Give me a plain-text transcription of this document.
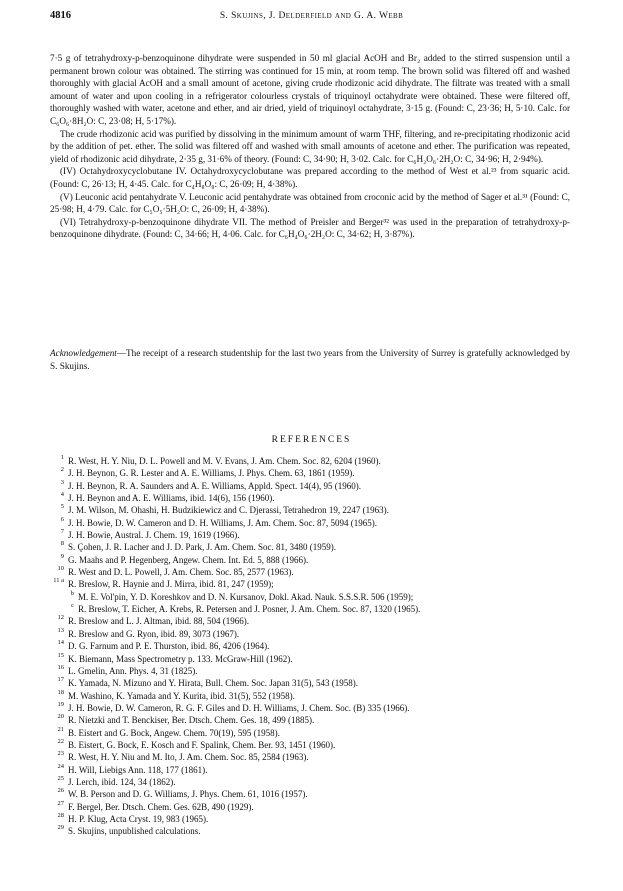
4816	S. Skujins, J. Delderfield and G. A. Webb

7·5 g of tetrahydroxy-p-benzoquinone dihydrate were suspended in 50 ml glacial AcOH and Br₂ added to the stirred suspension until a permanent brown colour was obtained. The stirring was continued for 15 min, at room temp. The brown solid was filtered off and washed thoroughly with glacial AcOH and a small amount of acetone, giving crude rhodizonic acid dihydrate. The filtrate was treated with a small amount of water and upon cooling in a refrigerator colourless crystals of triquinoyl octahydrate were obtained. These were filtered off, thoroughly washed with water, acetone and ether, and air dried, yield of triquinoyl octahydrate, 3·15 g. (Found: C, 23·36; H, 5·10. Calc. for C₆O₆·8H₂O: C, 23·08; H, 5·17%).

The crude rhodizonic acid was purified by dissolving in the minimum amount of warm THF, filtering, and re-precipitating rhodizonic acid by the addition of pet. ether. The solid was filtered off and washed with small amounts of acetone and ether. The purification was repeated, yield of rhodizonic acid dihydrate, 2·35 g, 31·6% of theory. (Found: C, 34·90; H, 3·02. Calc. for C₆H₂O₆·2H₂O: C, 34·96; H, 2·94%).

(IV) Octahydroxycyclobutane IV. Octahydroxycyclobutane was prepared according to the method of West et al.²³ from squaric acid. (Found: C, 26·13; H, 4·45. Calc. for C₄H₈O₈: C, 26·09; H, 4·38%).

(V) Leuconic acid pentahydrate V. Leuconic acid pentahydrate was obtained from croconic acid by the method of Sager et al.³¹ (Found: C, 25·98; H, 4·79. Calc. for C₅O₅·5H₂O: C, 26·09; H, 4·38%).

(VI) Tetrahydroxy-p-benzoquinone dihydrate VII. The method of Preisler and Berger³² was used in the preparation of tetrahydroxy-p-benzoquinone dihydrate. (Found: C, 34·66; H, 4·06. Calc. for C₆H₄O₆·2H₂O: C, 34·62; H, 3·87%).

Acknowledgement—The receipt of a research studentship for the last two years from the University of Surrey is gratefully acknowledged by S. Skujins.
REFERENCES
1 R. West, H. Y. Niu, D. L. Powell and M. V. Evans, J. Am. Chem. Soc. 82, 6204 (1960).
2 J. H. Beynon, G. R. Lester and A. E. Williams, J. Phys. Chem. 63, 1861 (1959).
3 J. H. Beynon, R. A. Saunders and A. E. Williams, Appld. Spect. 14(4), 95 (1960).
4 J. H. Beynon and A. E. Williams, ibid. 14(6), 156 (1960).
5 J. M. Wilson, M. Ohashi, H. Budzikiewicz and C. Djerassi, Tetrahedron 19, 2247 (1963).
6 J. H. Bowie, D. W. Cameron and D. H. Williams, J. Am. Chem. Soc. 87, 5094 (1965).
7 J. H. Bowie, Austral. J. Chem. 19, 1619 (1966).
8 S. Çohen, J. R. Lacher and J. D. Park, J. Am. Chem. Soc. 81, 3480 (1959).
9 G. Maahs and P. Hegenberg, Angew. Chem. Int. Ed. 5, 888 (1966).
10 R. West and D. L. Powell, J. Am. Chem. Soc. 85, 2577 (1963).
11 a R. Breslow, R. Haynie and J. Mirra, ibid. 81, 247 (1959);
b M. E. Vol'pin, Y. D. Koreshkov and D. N. Kursanov, Dokl. Akad. Nauk. S.S.S.R. 506 (1959);
c R. Breslow, T. Eicher, A. Krebs, R. Petersen and J. Posner, J. Am. Chem. Soc. 87, 1320 (1965).
12 R. Breslow and L. J. Altman, ibid. 88, 504 (1966).
13 R. Breslow and G. Ryon, ibid. 89, 3073 (1967).
14 D. G. Farnum and P. E. Thurston, ibid. 86, 4206 (1964).
15 K. Biemann, Mass Spectrometry p. 133. McGraw-Hill (1962).
16 L. Gmelin, Ann. Phys. 4, 31 (1825).
17 K. Yamada, N. Mizuno and Y. Hirata, Bull. Chem. Soc. Japan 31(5), 543 (1958).
18 M. Washino, K. Yamada and Y. Kurita, ibid. 31(5), 552 (1958).
19 J. H. Bowie, D. W. Cameron, R. G. F. Giles and D. H. Williams, J. Chem. Soc. (B) 335 (1966).
20 R. Nietzki and T. Benckiser, Ber. Dtsch. Chem. Ges. 18, 499 (1885).
21 B. Eistert and G. Bock, Angew. Chem. 70(19), 595 (1958).
22 B. Eistert, G. Bock, E. Kosch and F. Spalink, Chem. Ber. 93, 1451 (1960).
23 R. West, H. Y. Niu and M. Ito, J. Am. Chem. Soc. 85, 2584 (1963).
24 H. Will, Liebigs Ann. 118, 177 (1861).
25 J. Lerch, ibid. 124, 34 (1862).
26 W. B. Person and D. G. Williams, J. Phys. Chem. 61, 1016 (1957).
27 F. Bergel, Ber. Dtsch. Chem. Ges. 62B, 490 (1929).
28 H. P. Klug, Acta Cryst. 19, 983 (1965).
29 S. Skujins, unpublished calculations.
